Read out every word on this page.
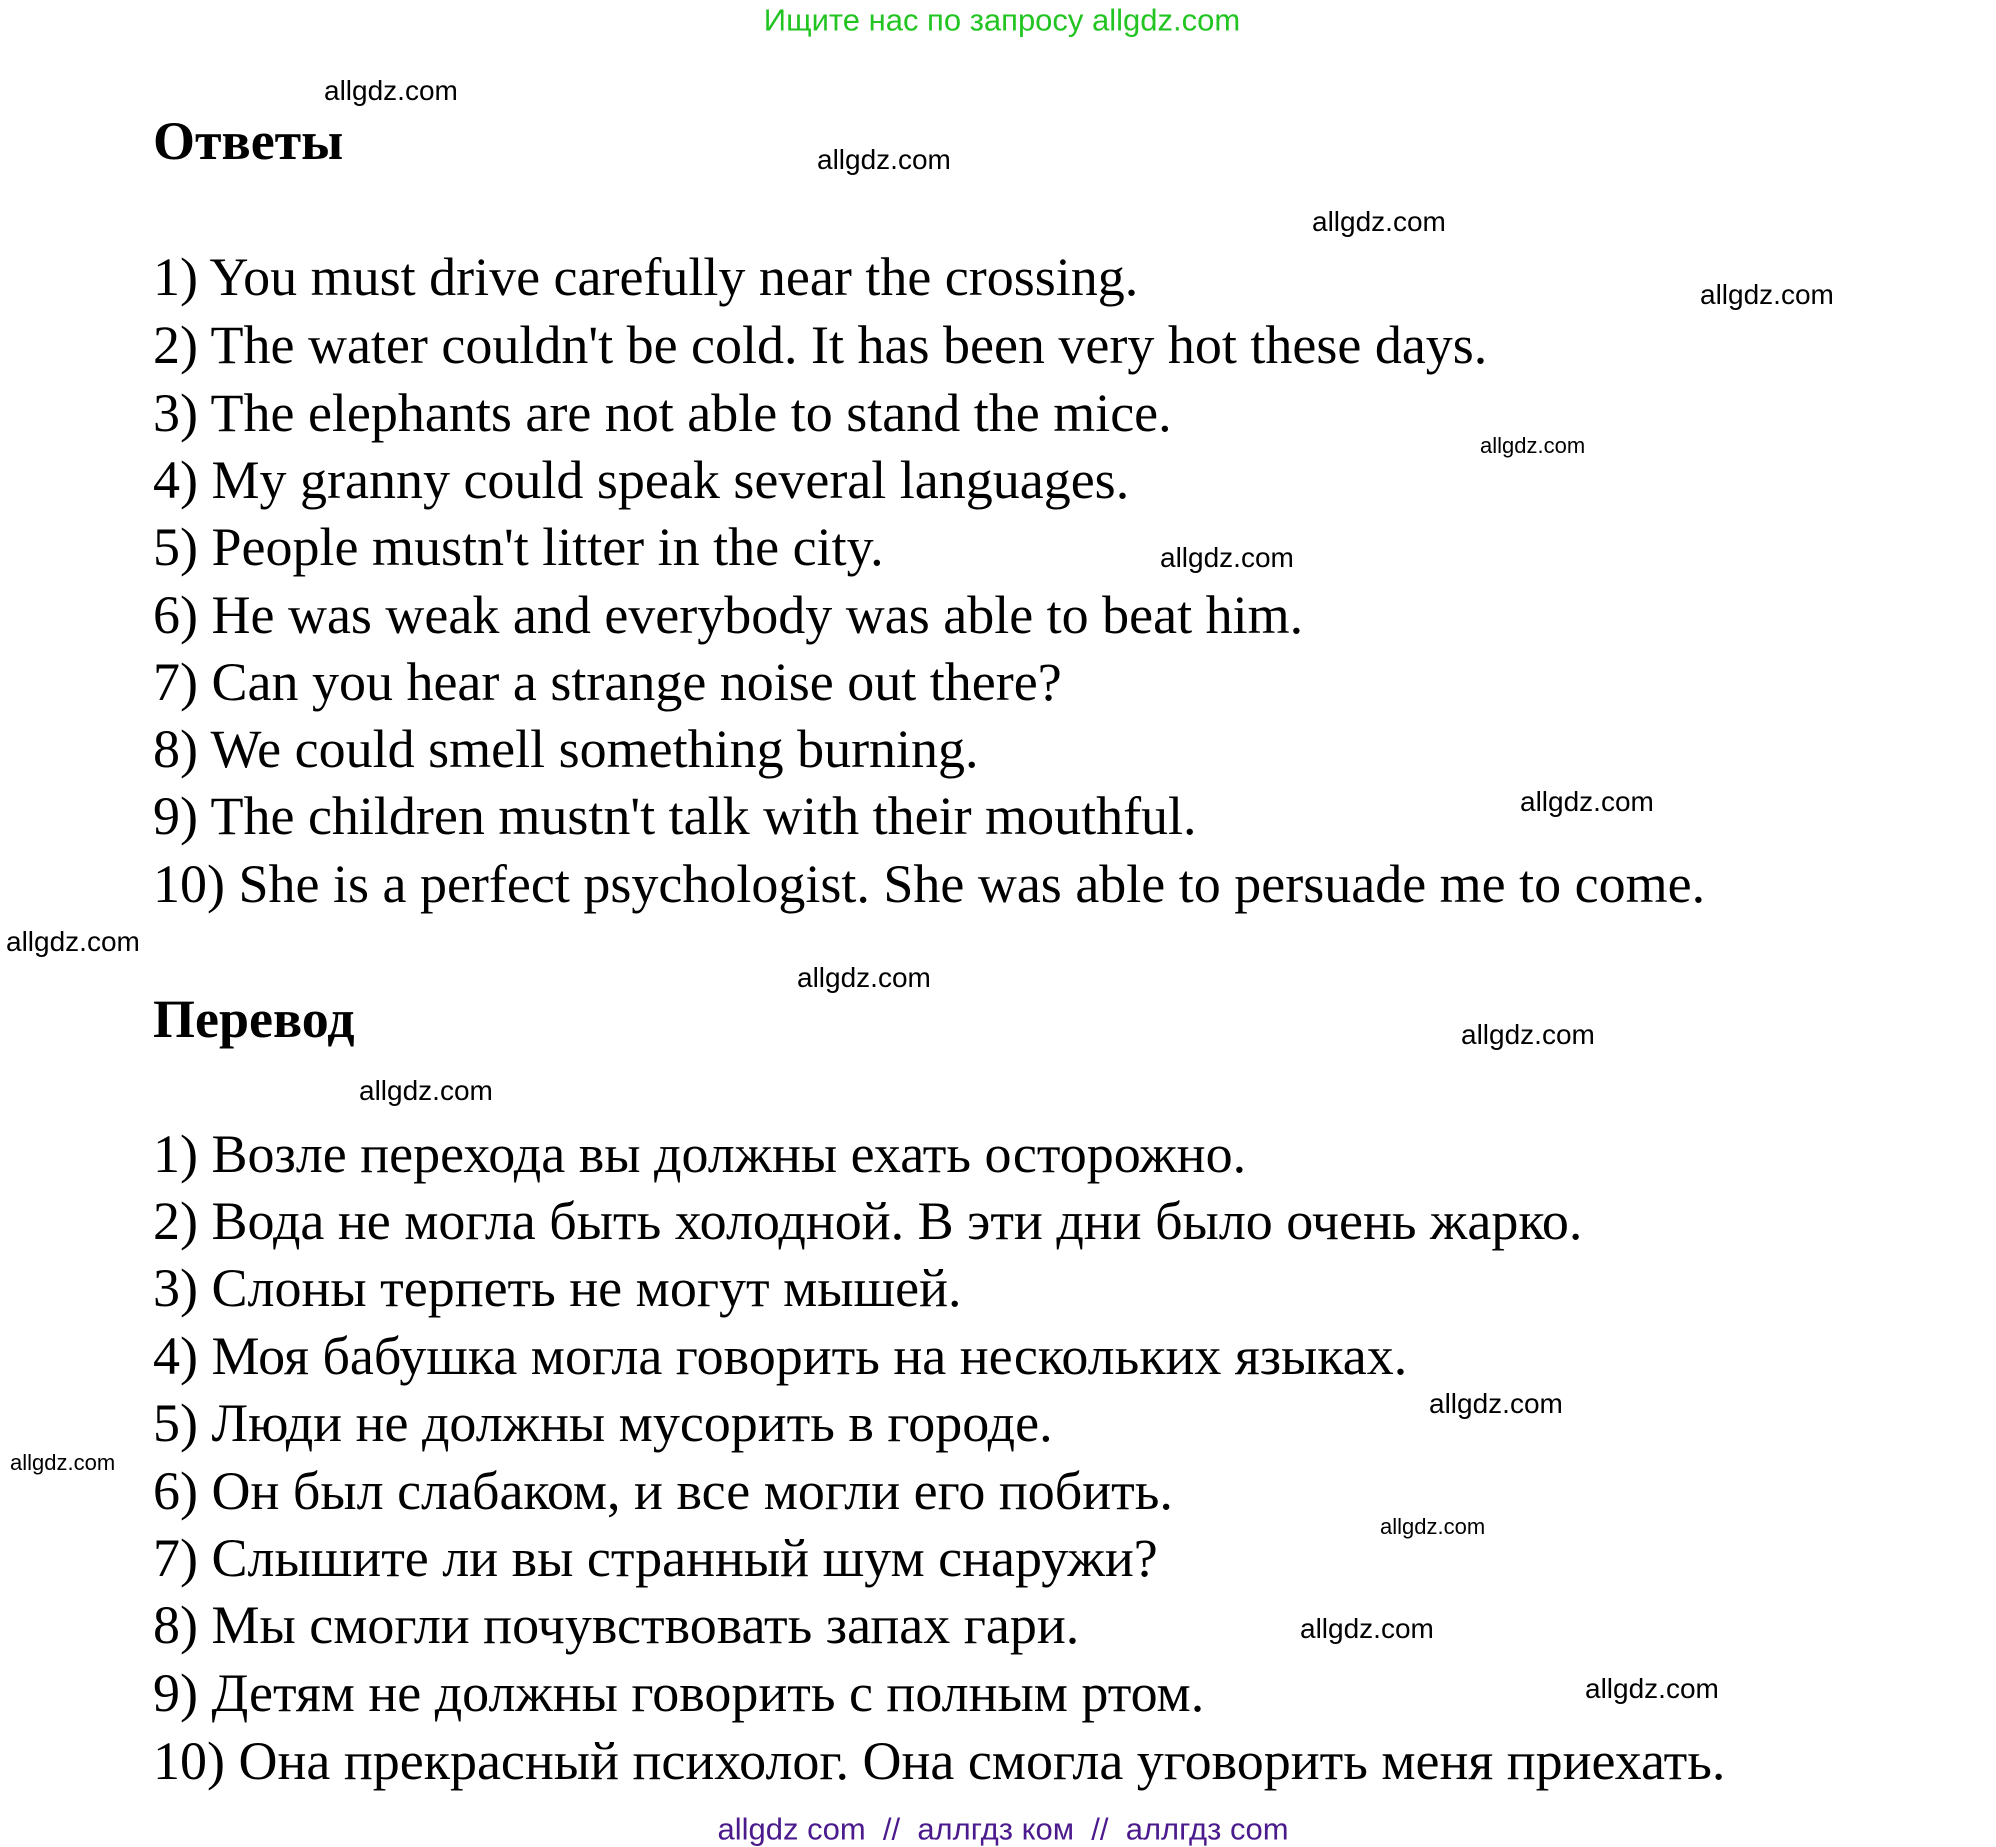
Ищите нас по запросу allgdz.com
Ответы
1) You must drive carefully near the crossing.
2) The water couldn't be cold. It has been very hot these days.
3) The elephants are not able to stand the mice.
4) My granny could speak several languages.
5) People mustn't litter in the city.
6) He was weak and everybody was able to beat him.
7) Can you hear a strange noise out there?
8) We could smell something burning.
9) The children mustn't talk with their mouthful.
10) She is a perfect psychologist. She was able to persuade me to come.
Перевод
1) Возле перехода вы должны ехать осторожно.
2) Вода не могла быть холодной. В эти дни было очень жарко.
3) Слоны терпеть не могут мышей.
4) Моя бабушка могла говорить на нескольких языках.
5) Люди не должны мусорить в городе.
6) Он был слабаком, и все могли его побить.
7) Слышите ли вы странный шум снаружи?
8) Мы смогли почувствовать запах гари.
9) Детям не должны говорить с полным ртом.
10) Она прекрасный психолог. Она смогла уговорить меня приехать.
allgdz.com
allgdz.com
allgdz.com
allgdz.com
allgdz.com
allgdz.com
allgdz.com
allgdz.com
allgdz.com
allgdz.com
allgdz.com
allgdz.com
allgdz.com
allgdz.com
allgdz.com
allgdz.com
allgdz com  //  аллгдз ком  //  аллгдз com
